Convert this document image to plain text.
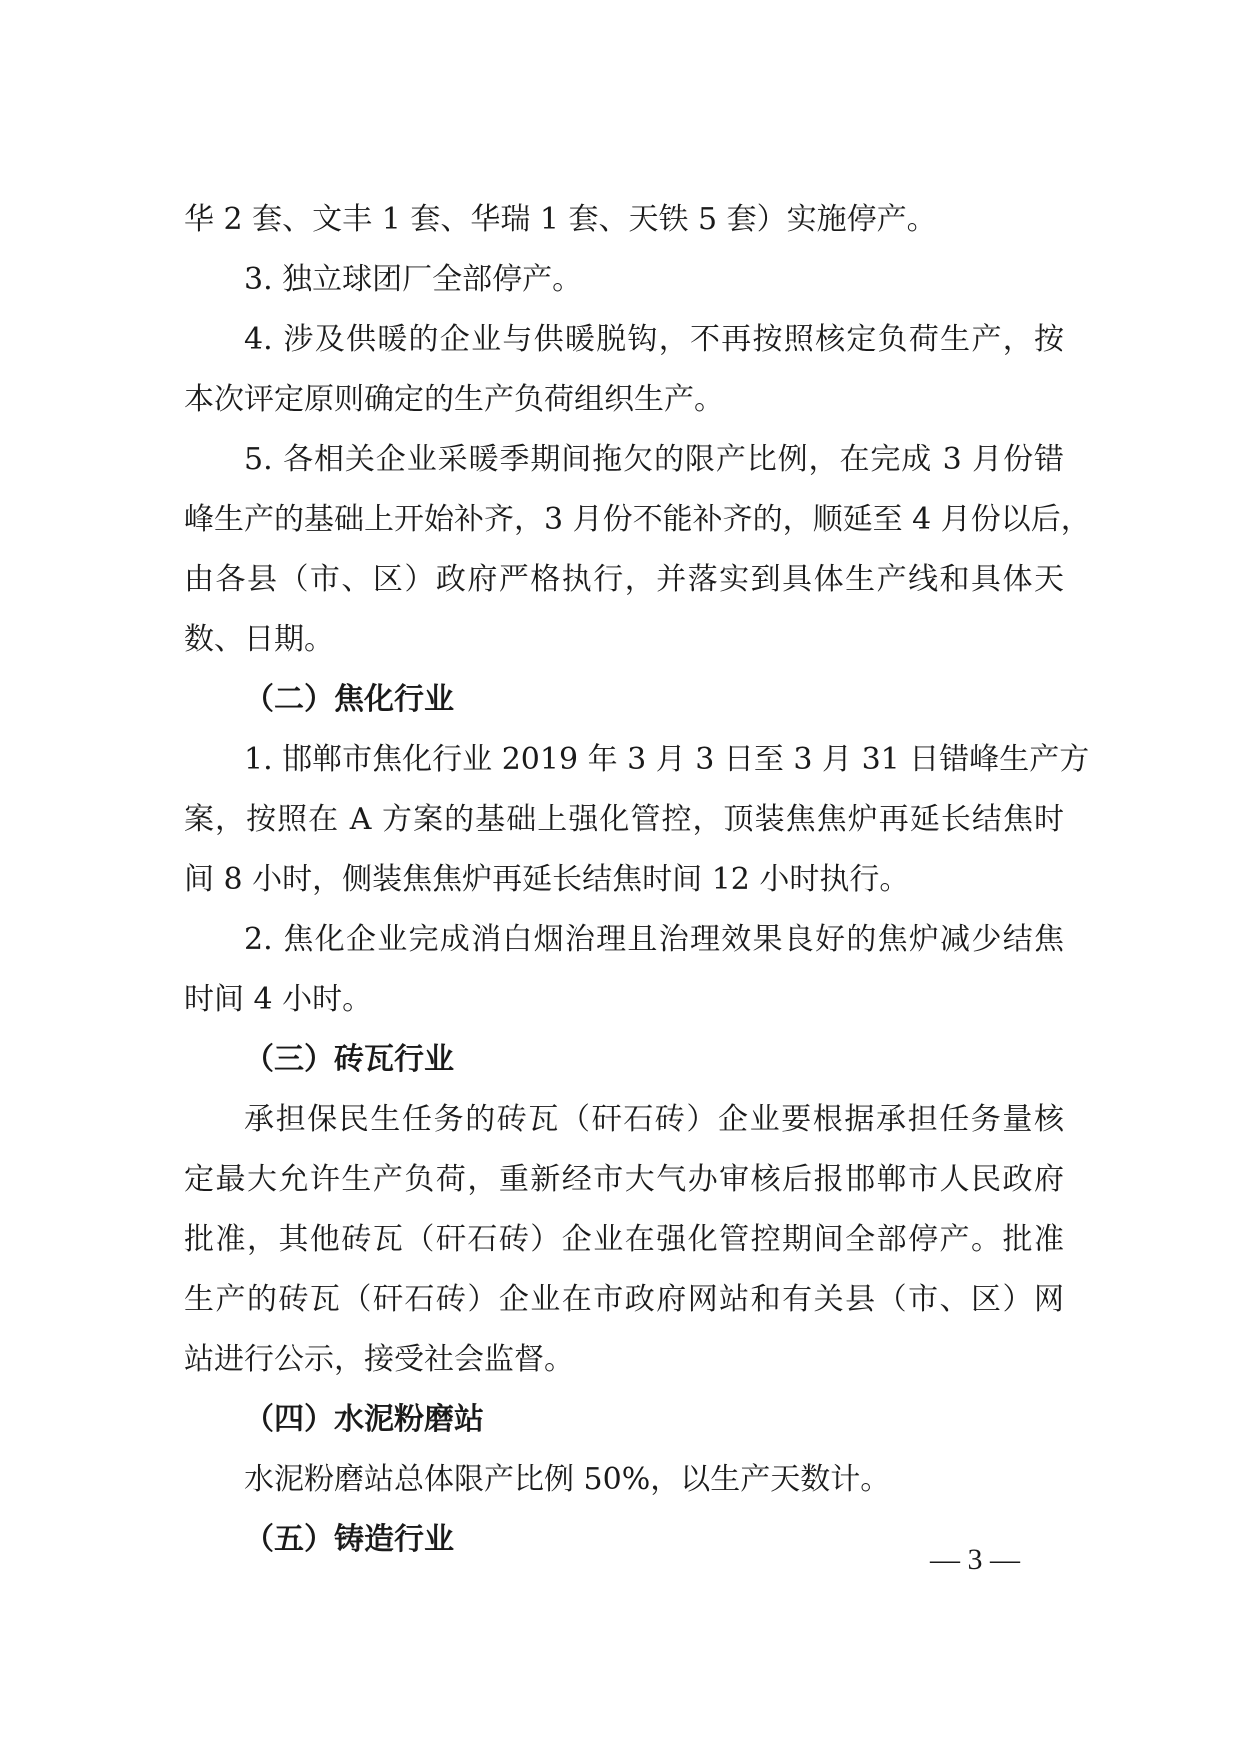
华 2 套、文丰 1 套、华瑞 1 套、天铁 5 套）实施停产。
3. 独立球团厂全部停产。
4. 涉及供暖的企业与供暖脱钩，不再按照核定负荷生产，按
本次评定原则确定的生产负荷组织生产。
5. 各相关企业采暖季期间拖欠的限产比例，在完成 3 月份错
峰生产的基础上开始补齐，3 月份不能补齐的，顺延至 4 月份以后，
由各县（市、区）政府严格执行，并落实到具体生产线和具体天
数、日期。
（二）焦化行业
1. 邯郸市焦化行业 2019 年 3 月 3 日至 3 月 31 日错峰生产方
案，按照在 A 方案的基础上强化管控，顶装焦焦炉再延长结焦时
间 8 小时，侧装焦焦炉再延长结焦时间 12 小时执行。
2. 焦化企业完成消白烟治理且治理效果良好的焦炉减少结焦
时间 4 小时。
（三）砖瓦行业
承担保民生任务的砖瓦（矸石砖）企业要根据承担任务量核
定最大允许生产负荷，重新经市大气办审核后报邯郸市人民政府
批准，其他砖瓦（矸石砖）企业在强化管控期间全部停产。批准
生产的砖瓦（矸石砖）企业在市政府网站和有关县（市、区）网
站进行公示，接受社会监督。
（四）水泥粉磨站
水泥粉磨站总体限产比例 50%，以生产天数计。
（五）铸造行业
— 3 —
